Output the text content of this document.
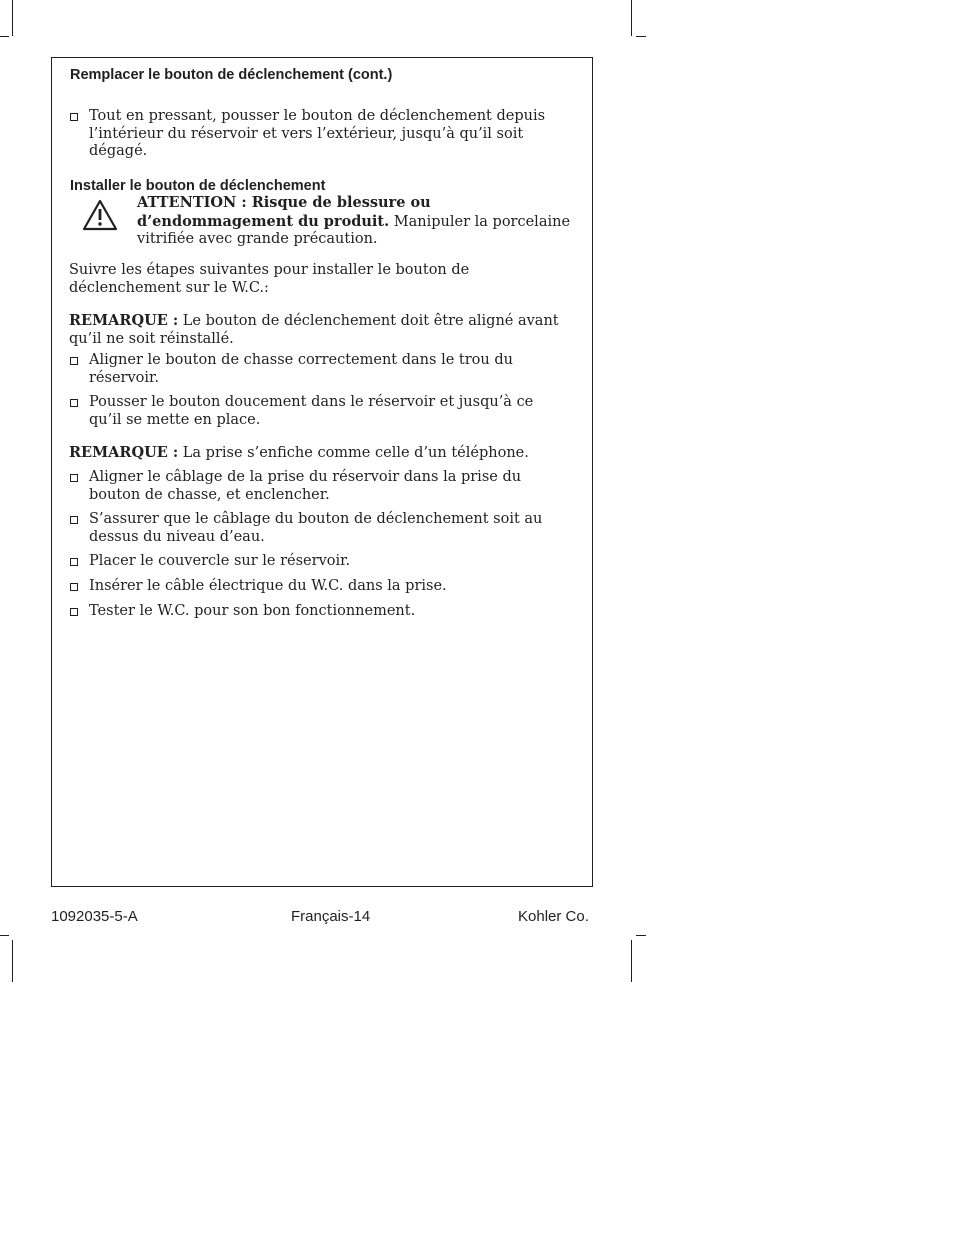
Remplacer le bouton de déclenchement (cont.)
Tout en pressant, pousser le bouton de déclenchement depuis l’intérieur du réservoir et vers l’extérieur, jusqu’à qu’il soit dégagé.
Installer le bouton de déclenchement
ATTENTION : Risque de blessure ou d’endommagement du produit. Manipuler la porcelaine vitrifiée avec grande précaution.
Suivre les étapes suivantes pour installer le bouton de déclenchement sur le W.C.:
REMARQUE : Le bouton de déclenchement doit être aligné avant qu’il ne soit réinstallé.
Aligner le bouton de chasse correctement dans le trou du réservoir.
Pousser le bouton doucement dans le réservoir et jusqu’à ce qu’il se mette en place.
REMARQUE : La prise s’enfiche comme celle d’un téléphone.
Aligner le câblage de la prise du réservoir dans la prise du bouton de chasse, et enclencher.
S’assurer que le câblage du bouton de déclenchement soit au dessus du niveau d’eau.
Placer le couvercle sur le réservoir.
Insérer le câble électrique du W.C. dans la prise.
Tester le W.C. pour son bon fonctionnement.
1092035-5-A	Français-14	Kohler Co.
